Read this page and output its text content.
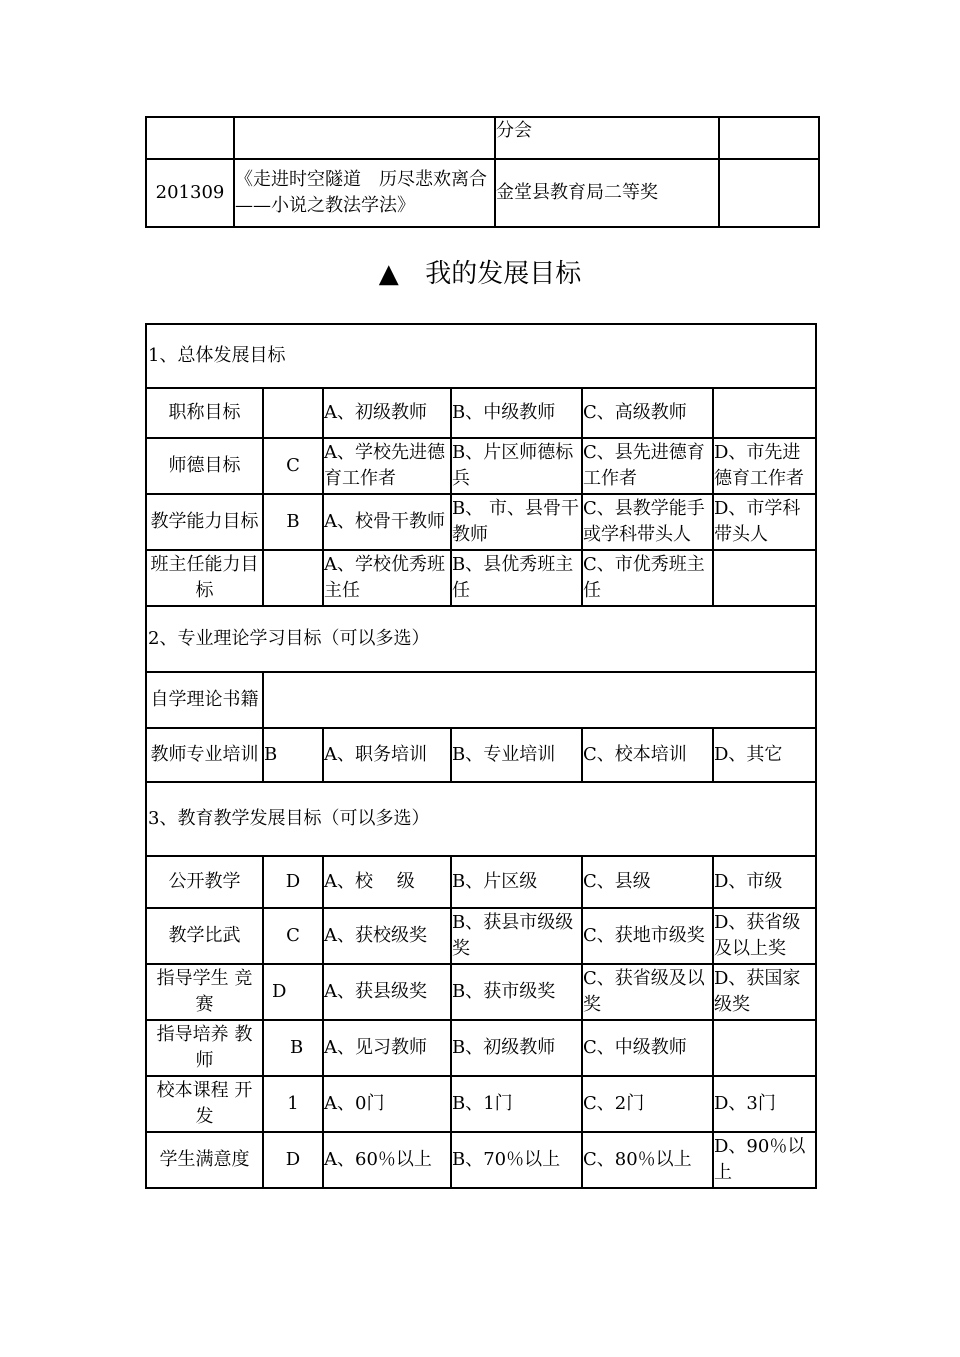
		分会	
201309	《走进时空隧道　历尽悲欢离合——小说之教法学法》	金堂县教育局二等奖	
▲ 我的发展目标
1、总体发展目标					
职称目标		A、初级教师	B、中级教师	C、高级教师	
师德目标	C	A、学校先进德育工作者	B、片区师德标兵	C、县先进德育工作者	D、市先进德育工作者
教学能力目标	B	A、校骨干教师	B、 市、县骨干教师	C、县教学能手或学科带头人	D、市学科带头人
班主任能力目标		A、学校优秀班主任	B、县优秀班主任	C、市优秀班主任	
2、专业理论学习目标（可以多选）					
自学理论书籍					
教师专业培训	B	A、职务培训	B、专业培训	C、校本培训	D、其它
3、教育教学发展目标（可以多选）					
公开教学	D	A、校　 级	B、片区级	C、县级	D、市级
教学比武	C	A、获校级奖	B、获县市级级奖	C、获地市级奖	D、获省级及以上奖
指导学生 竞赛	D	A、获县级奖	B、获市级奖	C、获省级及以奖	D、获国家级奖
指导培养 教师	B	A、见习教师	B、初级教师	C、中级教师	
校本课程 开发	1	A、0门	B、1门	C、2门	D、3门
学生满意度	D	A、60％以上	B、70％以上	C、80％以上	D、90％以上
